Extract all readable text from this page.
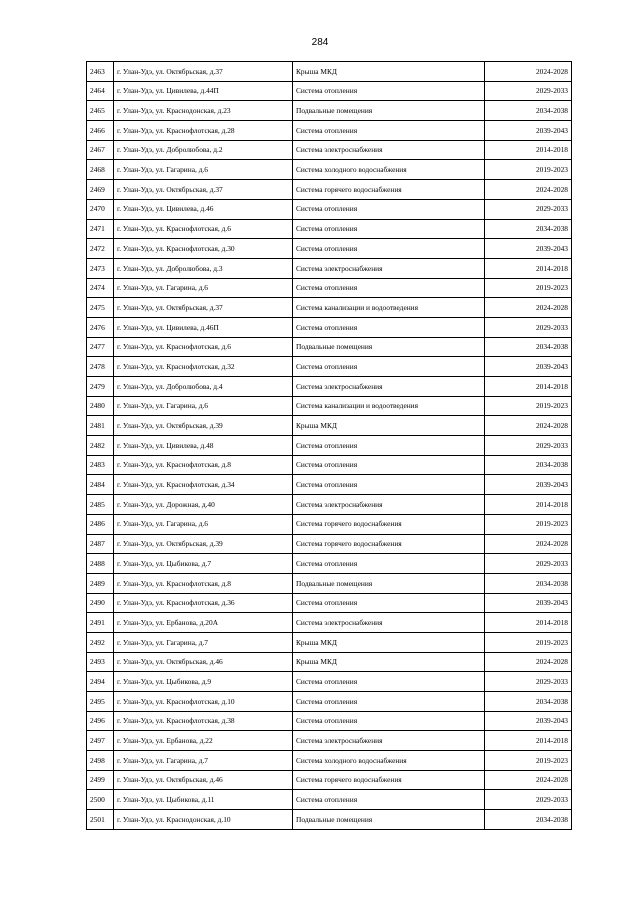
284
2463	г. Улан-Удэ, ул. Октябрьская, д.37	Крыша МКД	2024-2028
2464	г. Улан-Удэ, ул. Цивилева, д.44П	Система отопления	2029-2033
2465	г. Улан-Удэ, ул. Краснодонская, д.23	Подвальные помещения	2034-2038
2466	г. Улан-Удэ, ул. Краснофлотская, д.28	Система отопления	2039-2043
2467	г. Улан-Удэ, ул. Добролюбова, д.2	Система электроснабжения	2014-2018
2468	г. Улан-Удэ, ул. Гагарина, д.6	Система холодного водоснабжения	2019-2023
2469	г. Улан-Удэ, ул. Октябрьская, д.37	Система горячего водоснабжения	2024-2028
2470	г. Улан-Удэ, ул. Цивилева, д.46	Система отопления	2029-2033
2471	г. Улан-Удэ, ул. Краснофлотская, д.6	Система отопления	2034-2038
2472	г. Улан-Удэ, ул. Краснофлотская, д.30	Система отопления	2039-2043
2473	г. Улан-Удэ, ул. Добролюбова, д.3	Система электроснабжения	2014-2018
2474	г. Улан-Удэ, ул. Гагарина, д.6	Система отопления	2019-2023
2475	г. Улан-Удэ, ул. Октябрьская, д.37	Система канализации и водоотведения	2024-2028
2476	г. Улан-Удэ, ул. Цивилева, д.46П	Система отопления	2029-2033
2477	г. Улан-Удэ, ул. Краснофлотская, д.6	Подвальные помещения	2034-2038
2478	г. Улан-Удэ, ул. Краснофлотская, д.32	Система отопления	2039-2043
2479	г. Улан-Удэ, ул. Добролюбова, д.4	Система электроснабжения	2014-2018
2480	г. Улан-Удэ, ул. Гагарина, д.6	Система канализации и водоотведения	2019-2023
2481	г. Улан-Удэ, ул. Октябрьская, д.39	Крыша МКД	2024-2028
2482	г. Улан-Удэ, ул. Цивилева, д.48	Система отопления	2029-2033
2483	г. Улан-Удэ, ул. Краснофлотская, д.8	Система отопления	2034-2038
2484	г. Улан-Удэ, ул. Краснофлотская, д.34	Система отопления	2039-2043
2485	г. Улан-Удэ, ул. Дорожная, д.40	Система электроснабжения	2014-2018
2486	г. Улан-Удэ, ул. Гагарина, д.6	Система горячего водоснабжения	2019-2023
2487	г. Улан-Удэ, ул. Октябрьская, д.39	Система горячего водоснабжения	2024-2028
2488	г. Улан-Удэ, ул. Цыбикова, д.7	Система отопления	2029-2033
2489	г. Улан-Удэ, ул. Краснофлотская, д.8	Подвальные помещения	2034-2038
2490	г. Улан-Удэ, ул. Краснофлотская, д.36	Система отопления	2039-2043
2491	г. Улан-Удэ, ул. Ербанова, д.20А	Система электроснабжения	2014-2018
2492	г. Улан-Удэ, ул. Гагарина, д.7	Крыша МКД	2019-2023
2493	г. Улан-Удэ, ул. Октябрьская, д.46	Крыша МКД	2024-2028
2494	г. Улан-Удэ, ул. Цыбикова, д.9	Система отопления	2029-2033
2495	г. Улан-Удэ, ул. Краснофлотская, д.10	Система отопления	2034-2038
2496	г. Улан-Удэ, ул. Краснофлотская, д.38	Система отопления	2039-2043
2497	г. Улан-Удэ, ул. Ербанова, д.22	Система электроснабжения	2014-2018
2498	г. Улан-Удэ, ул. Гагарина, д.7	Система холодного водоснабжения	2019-2023
2499	г. Улан-Удэ, ул. Октябрьская, д.46	Система горячего водоснабжения	2024-2028
2500	г. Улан-Удэ, ул. Цыбикова, д.11	Система отопления	2029-2033
2501	г. Улан-Удэ, ул. Краснодонская, д.10	Подвальные помещения	2034-2038
